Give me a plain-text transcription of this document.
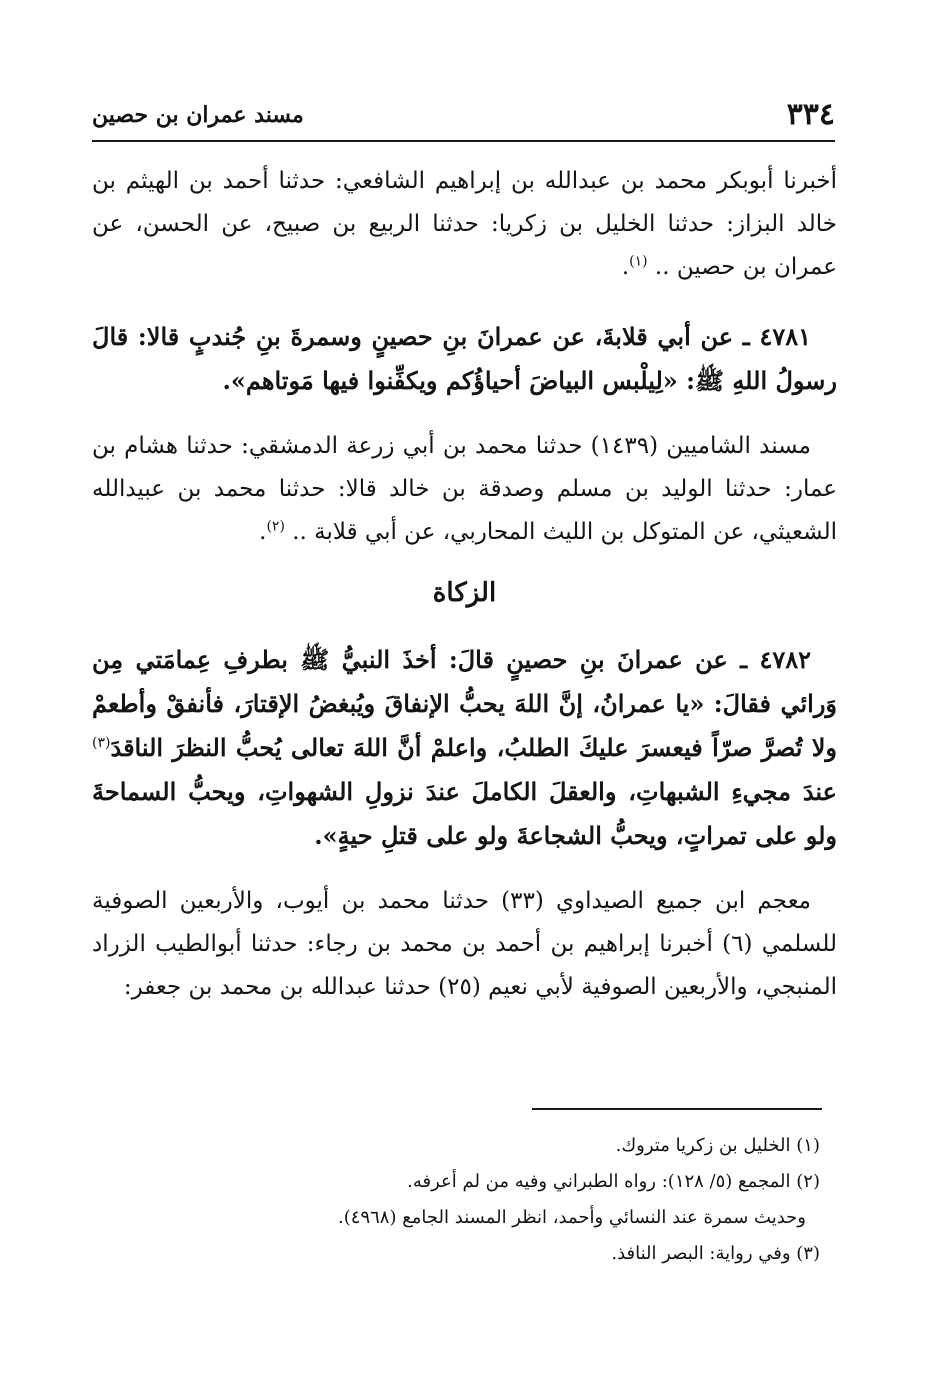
٣٣٤
مسند عمران بن حصين

أخبرنا أبوبكر محمد بن عبدالله بن إبراهيم الشافعي: حدثنا أحمد بن الهيثم بن خالد البزاز: حدثنا الخليل بن زكريا: حدثنا الربيع بن صبيح، عن الحسن، عن عمران بن حصين .. $^{(١)}$.

٤٧٨١ ـ عن أبي قلابةَ، عن عمرانَ بنِ حصينٍ وسمرةَ بنِ جُندبٍ قالا: قالَ رسولُ اللهِ ﷺ: «لِيلْبس البياضَ أحياؤُكم ويكفِّنوا فيها مَوتاهم».

مسند الشاميين (١٤٣٩) حدثنا محمد بن أبي زرعة الدمشقي: حدثنا هشام بن عمار: حدثنا الوليد بن مسلم وصدقة بن خالد قالا: حدثنا محمد بن عبيدالله الشعيثي، عن المتوكل بن الليث المحاربي، عن أبي قلابة .. $^{(٢)}$.

الزكاة

٤٧٨٢ ـ عن عمرانَ بنِ حصينٍ قالَ: أخذَ النبيُّ ﷺ بطرفِ عِمامَتي مِن وَرائي فقالَ: «يا عمرانُ، إنَّ اللهَ يحبُّ الإنفاقَ ويُبغضُ الإقتارَ، فأنفقْ وأطعمْ ولا تُصرَّ صرّاً فيعسرَ عليكَ الطلبُ، واعلمْ أنَّ اللهَ تعالى يُحبُّ النظرَ الناقدَ$^{(٣)}$ عندَ مجيءِ الشبهاتِ، والعقلَ الكاملَ عندَ نزولِ الشهواتِ، ويحبُّ السماحةَ ولو على تمراتٍ، ويحبُّ الشجاعةَ ولو على قتلِ حيةٍ».

معجم ابن جميع الصيداوي (٣٣) حدثنا محمد بن أيوب، والأربعين الصوفية للسلمي (٦) أخبرنا إبراهيم بن أحمد بن محمد بن رجاء: حدثنا أبوالطيب الزراد المنبجي، والأربعين الصوفية لأبي نعيم (٢٥) حدثنا عبدالله بن محمد بن جعفر:

(١) الخليل بن زكريا متروك.

(٢) المجمع (٥/ ١٢٨): رواه الطبراني وفيه من لم أعرفه.

وحديث سمرة عند النسائي وأحمد، انظر المسند الجامع (٤٩٦٨).

(٣) وفي رواية: البصر النافذ.
